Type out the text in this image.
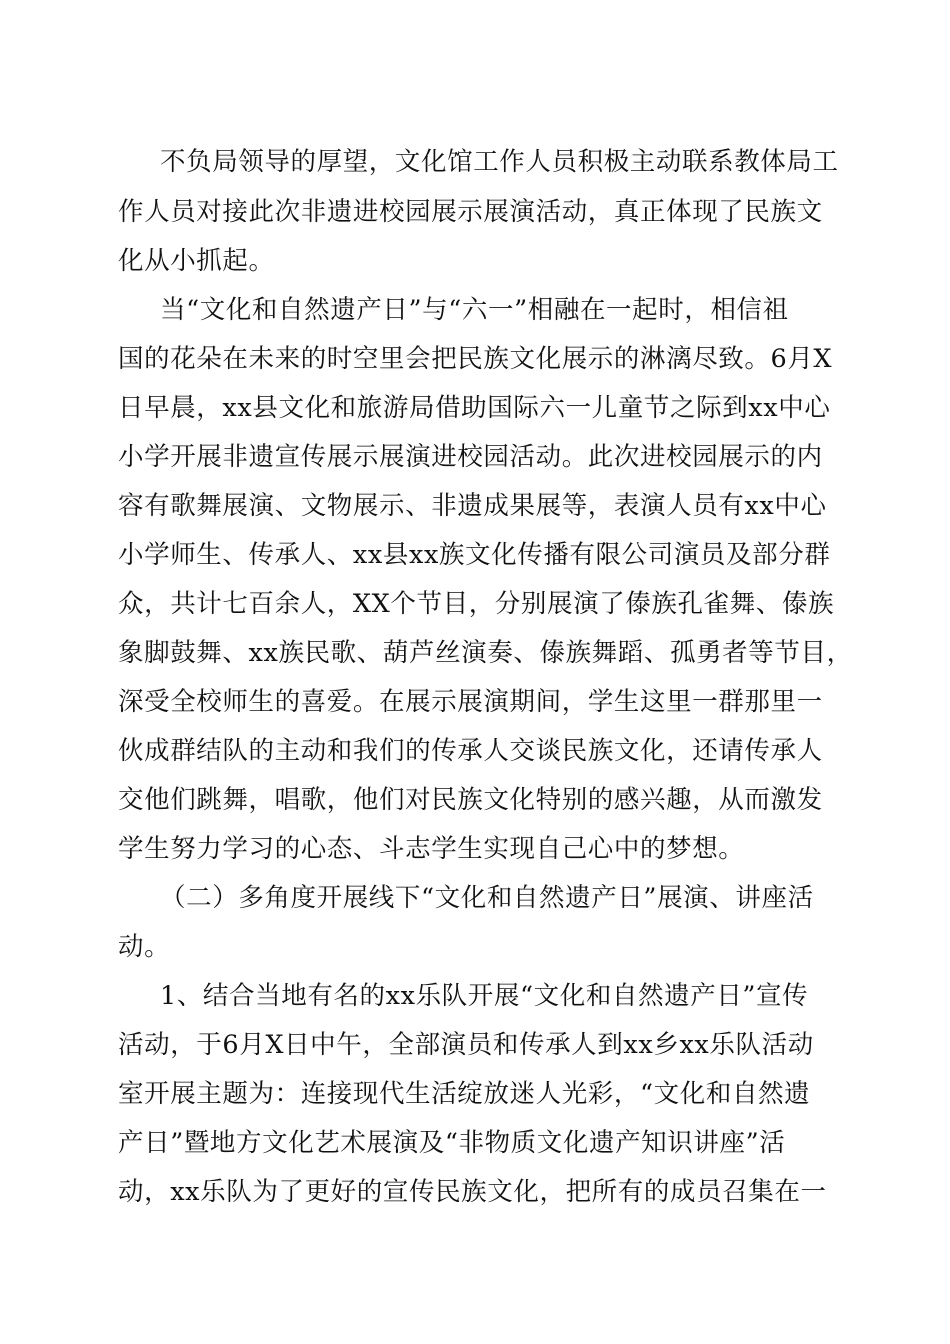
不负局领导的厚望，文化馆工作人员积极主动联系教体局工
作人员对接此次非遗进校园展示展演活动，真正体现了民族文
化从小抓起。
当“文化和自然遗产日”与“六一”相融在一起时，相信祖
国的花朵在未来的时空里会把民族文化展示的淋漓尽致。6月X
日早晨，xx县文化和旅游局借助国际六一儿童节之际到xx中心
小学开展非遗宣传展示展演进校园活动。此次进校园展示的内
容有歌舞展演、文物展示、非遗成果展等，表演人员有xx中心
小学师生、传承人、xx县xx族文化传播有限公司演员及部分群
众，共计七百余人，XX个节目，分别展演了傣族孔雀舞、傣族
象脚鼓舞、xx族民歌、葫芦丝演奏、傣族舞蹈、孤勇者等节目，
深受全校师生的喜爱。在展示展演期间，学生这里一群那里一
伙成群结队的主动和我们的传承人交谈民族文化，还请传承人
交他们跳舞，唱歌，他们对民族文化特别的感兴趣，从而激发
学生努力学习的心态、斗志学生实现自己心中的梦想。
（二）多角度开展线下“文化和自然遗产日”展演、讲座活
动。
1、结合当地有名的xx乐队开展“文化和自然遗产日”宣传
活动，于6月X日中午，全部演员和传承人到xx乡xx乐队活动
室开展主题为：连接现代生活绽放迷人光彩，“文化和自然遗
产日”暨地方文化艺术展演及“非物质文化遗产知识讲座”活
动，xx乐队为了更好的宣传民族文化，把所有的成员召集在一
